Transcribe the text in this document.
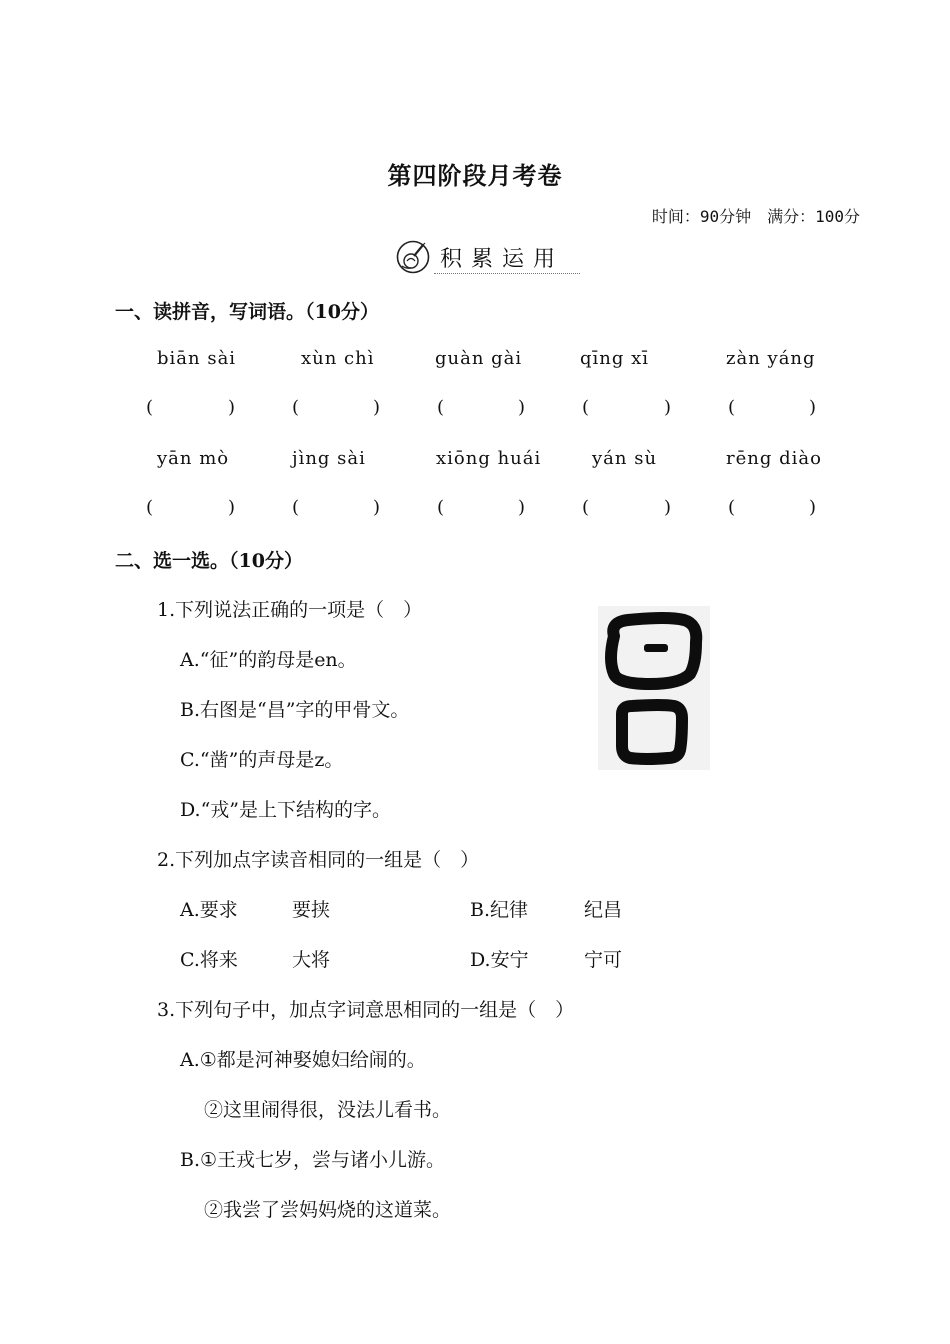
第四阶段月考卷
时间：90分钟　满分：100分
积累运用
一、读拼音，写词语。（10分）
biān sài	xùn chì	guàn gài	qīng xī	zàn yáng
(	)	(	)	(	)	(	)	(	)
yān mò	jìng sài	xiōng huái	yán sù	rēng diào
(	)	(	)	(	)	(	)	(	)
二、选一选。（10分）
1.下列说法正确的一项是（　）
A.“征”的韵母是en。
B.右图是“昌”字的甲骨文。
C.“凿”的声母是z。
D.“戎”是上下结构的字。
2.下列加点字读音相同的一组是（　）
A.要求	要挟	B.纪律	纪昌
C.将来	大将	D.安宁	宁可
3.下列句子中，加点字词意思相同的一组是（　）
A.①都是河神娶媳妇给闹的。
②这里闹得很，没法儿看书。
B.①王戎七岁，尝与诸小儿游。
②我尝了尝妈妈烧的这道菜。
